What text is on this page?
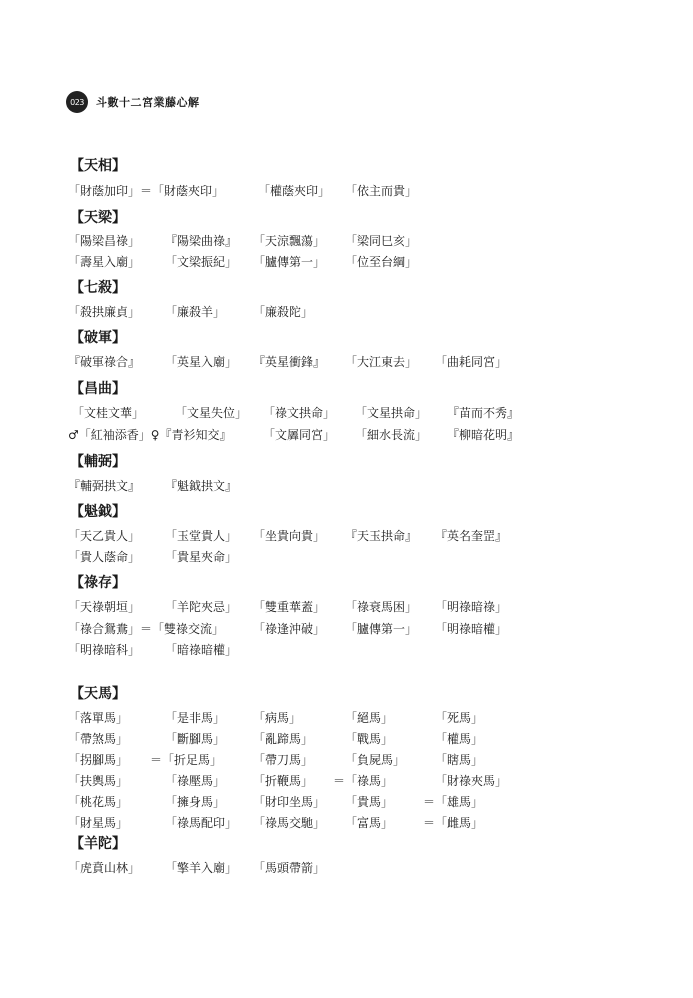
023	斗數十二宮業藤心解
【天相】
「財蔭加印」＝「財蔭夾印」	「權蔭夾印」 「依主而貴」
【天梁】
「陽梁昌祿」 『陽梁曲祿』 「天涼飄蕩」 「梁同巳亥」
「壽星入廟」 「文梁振紀」 「臚傳第一」 「位至台綱」
【七殺】
「殺拱廉貞」 「廉殺羊」 「廉殺陀」
【破軍】
『破軍祿合』 「英星入廟」 『英星衝鋒』 「大江東去」 「曲耗同宮」
【昌曲】
「文桂文華」	「文星失位」 「祿文拱命」 「文星拱命」 『苗而不秀』
♂「紅袖添香」♀『青衫知交』	「文羼同宮」 「細水長流」 『柳暗花明』
【輔弼】
『輔弼拱文』 『魁鉞拱文』
【魁鉞】
「天乙貴人」 「玉堂貴人」 「坐貴向貴」 『天玉拱命』 『英名奎罡』
「貴人蔭命」 「貴星夾命」
【祿存】
「天祿朝垣」 「羊陀夾忌」 「雙重華蓋」 「祿衰馬困」 「明祿暗祿」
「祿合鴛鴦」＝「雙祿交流」 「祿逢沖破」 「臚傳第一」 「明祿暗權」
「明祿暗科」 「暗祿暗權」
【天馬】
「落單馬」	「是非馬」 「病馬」	「絕馬」	「死馬」
「帶煞馬」	「斷腳馬」 「亂蹄馬」	「戰馬」	「權馬」
「拐腳馬」 ＝「折足馬」	「帶刀馬」	「負屍馬」 「瞎馬」
「扶輿馬」	「祿壓馬」 「折鞭馬」 ＝「祿馬」	「財祿夾馬」
「桃花馬」	「擁身馬」 「財印坐馬」 「貴馬」 ＝「雄馬」
「財星馬」	「祿馬配印」 「祿馬交馳」 「富馬」 ＝「雌馬」
【羊陀】
「虎賁山林」 「擎羊入廟」 「馬頭帶箭」
